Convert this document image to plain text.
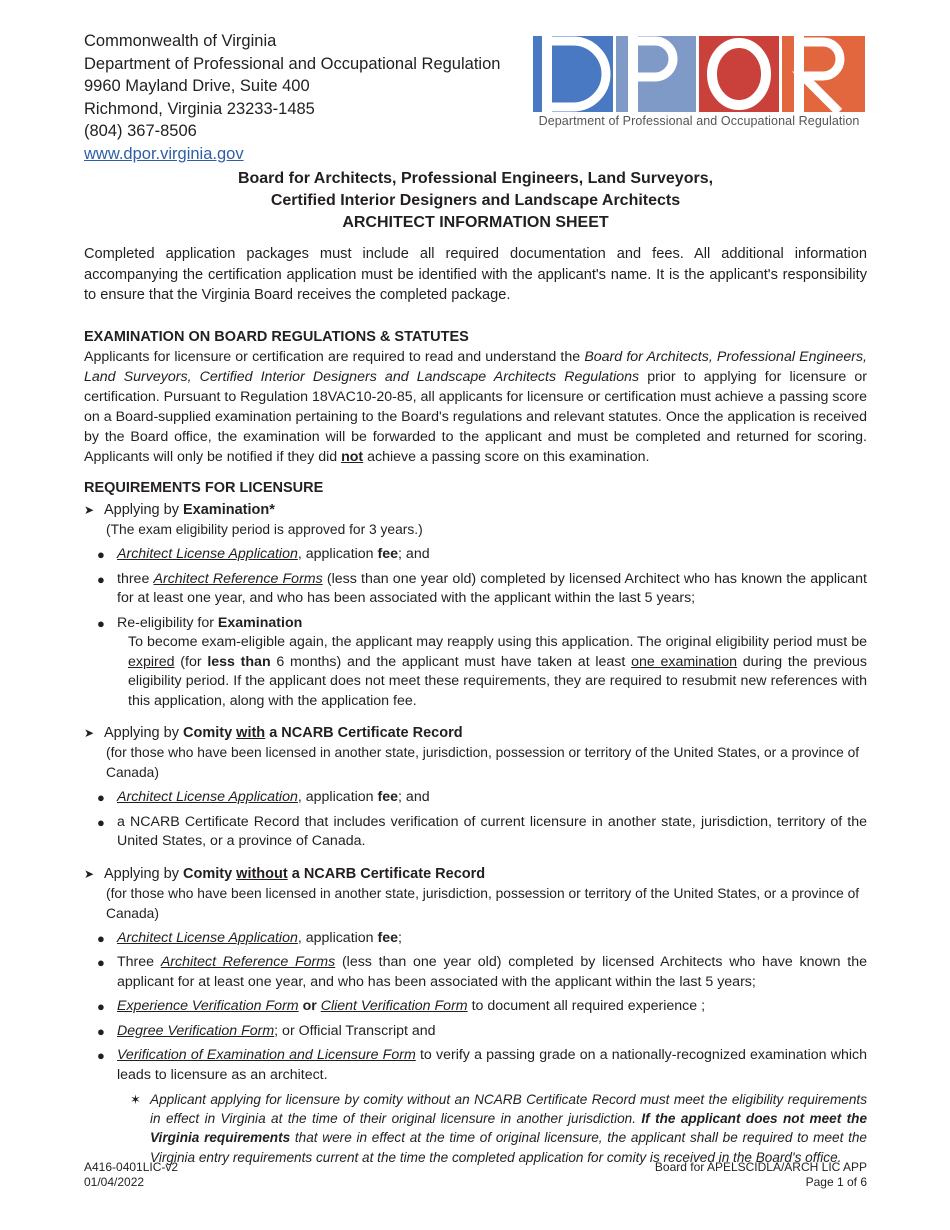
Commonwealth of Virginia
Department of Professional and Occupational Regulation
9960 Mayland Drive, Suite 400
Richmond, Virginia 23233-1485
(804) 367-8506
www.dpor.virginia.gov
Department of Professional and Occupational Regulation
Board for Architects, Professional Engineers, Land Surveyors,
Certified Interior Designers and Landscape Architects
ARCHITECT INFORMATION SHEET
Completed application packages must include all required documentation and fees. All additional information accompanying the certification application must be identified with the applicant's name. It is the applicant's responsibility to ensure that the Virginia Board receives the completed package.
EXAMINATION ON BOARD REGULATIONS & STATUTES
Applicants for licensure or certification are required to read and understand the Board for Architects, Professional Engineers, Land Surveyors, Certified Interior Designers and Landscape Architects Regulations prior to applying for licensure or certification. Pursuant to Regulation 18VAC10-20-85, all applicants for licensure or certification must achieve a passing score on a Board-supplied examination pertaining to the Board's regulations and relevant statutes. Once the application is received by the Board office, the examination will be forwarded to the applicant and must be completed and returned for scoring. Applicants will only be notified if they did not achieve a passing score on this examination.
REQUIREMENTS FOR LICENSURE
➤ Applying by Examination*
(The exam eligibility period is approved for 3 years.)
● Architect License Application, application fee; and
● three Architect Reference Forms (less than one year old) completed by licensed Architect who has known the applicant for at least one year, and who has been associated with the applicant within the last 5 years;
● Re-eligibility for Examination
To become exam-eligible again, the applicant may reapply using this application. The original eligibility period must be expired (for less than 6 months) and the applicant must have taken at least one examination during the previous eligibility period. If the applicant does not meet these requirements, they are required to resubmit new references with this application, along with the application fee.
➤ Applying by Comity with a NCARB Certificate Record
(for those who have been licensed in another state, jurisdiction, possession or territory of the United States, or a province of Canada)
● Architect License Application, application fee; and
● a NCARB Certificate Record that includes verification of current licensure in another state, jurisdiction, territory of the United States, or a province of Canada.
➤ Applying by Comity without a NCARB Certificate Record
(for those who have been licensed in another state, jurisdiction, possession or territory of the United States, or a province of Canada)
● Architect License Application, application fee;
● Three Architect Reference Forms (less than one year old) completed by licensed Architects who have known the applicant for at least one year, and who has been associated with the applicant within the last 5 years;
● Experience Verification Form or Client Verification Form to document all required experience ;
● Degree Verification Form; or Official Transcript and
● Verification of Examination and Licensure Form to verify a passing grade on a nationally-recognized examination which leads to licensure as an architect.
✶ Applicant applying for licensure by comity without an NCARB Certificate Record must meet the eligibility requirements in effect in Virginia at the time of their original licensure in another jurisdiction. If the applicant does not meet the Virginia requirements that were in effect at the time of original licensure, the applicant shall be required to meet the Virginia entry requirements current at the time the completed application for comity is received in the Board's office.
A416-0401LIC-v2
01/04/2022
Board for APELSCIDLA/ARCH LIC APP
Page 1 of 6
